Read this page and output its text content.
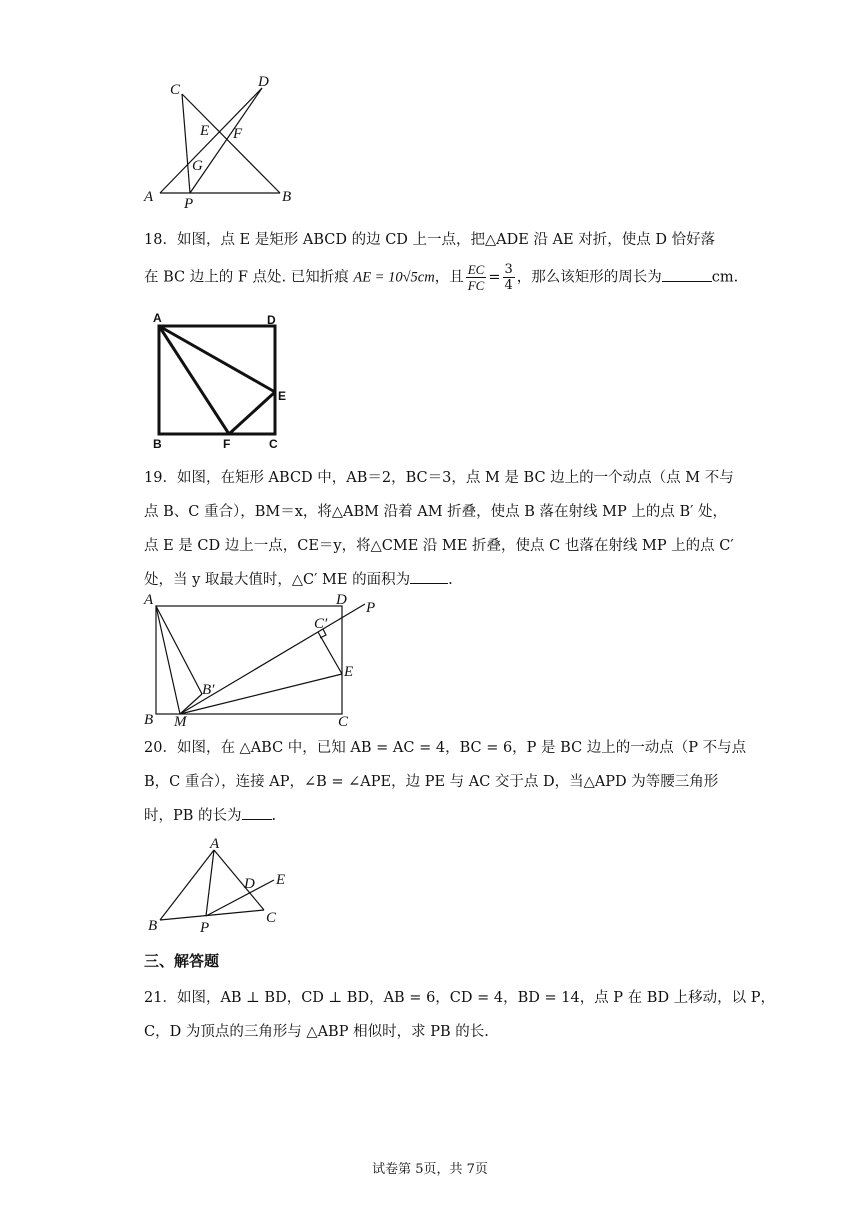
C	D
E F
G
A P	B
18．如图，点 E 是矩形 ABCD 的边 CD 上一点，把△ADE 沿 AE 对折，使点 D 恰好落
在 BC 边上的 F 点处. 已知折痕 AE = 10√5cm，且 $\frac{EC}{FC} = \frac{3}{4}$ ，那么该矩形的周长为	cm.
A	D
E
B	F	C
19．如图，在矩形 ABCD 中，AB＝2，BC＝3，点 M 是 BC 边上的一个动点（点 M 不与
点 B、C 重合），BM＝x，将△ABM 沿着 AM 折叠，使点 B 落在射线 MP 上的点 B′ 处，
点 E 是 CD 边上一点，CE＝y，将△CME 沿 ME 折叠，使点 C 也落在射线 MP 上的点 C′
处，当 y 取最大值时，△C′ ME 的面积为	.
A	D P
C′
E
B′
B M	C
20．如图，在 △ABC 中，已知 AB = AC = 4，BC = 6，P 是 BC 边上的一动点（P 不与点
B，C 重合），连接 AP，∠B = ∠APE，边 PE 与 AC 交于点 D，当△APD 为等腰三角形
时，PB 的长为 .
A
D E
B	P
C
三、解答题
21．如图，AB ⊥ BD，CD ⊥ BD，AB = 6，CD = 4，BD = 14，点 P 在 BD 上移动，以 P，
C，D 为顶点的三角形与 △ABP 相似时，求 PB 的长.
试卷第 5页，共 7页
